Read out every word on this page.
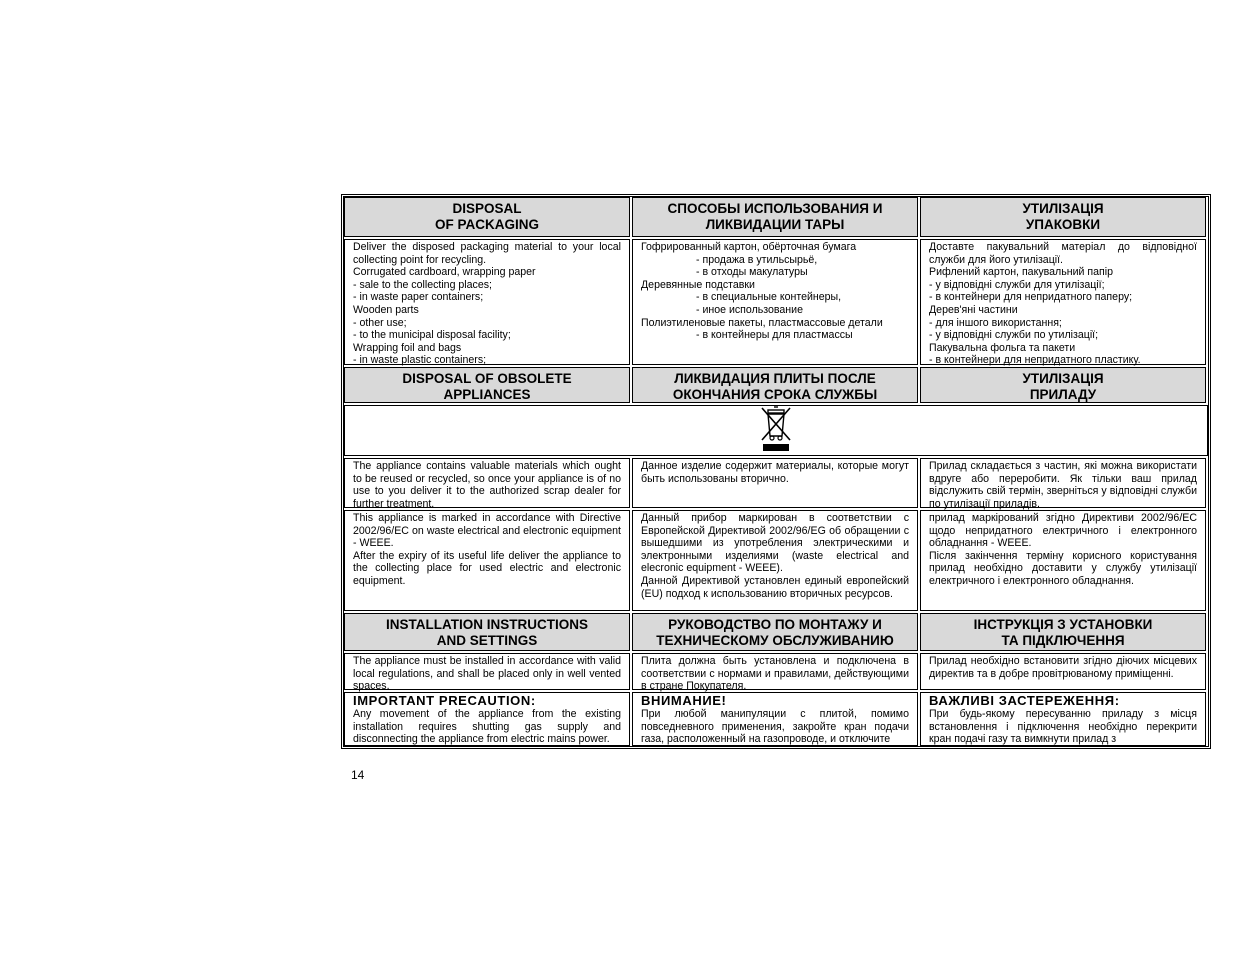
DISPOSAL
OF PACKAGING
СПОСОБЫ ИСПОЛЬЗОВАНИЯ И
ЛИКВИДАЦИИ ТАРЫ
УТИЛІЗАЦІЯ
УПАКОВКИ
Deliver the disposed packaging material to your local collecting point for recycling.
Corrugated cardboard, wrapping paper
- sale to the collecting places;
- in waste paper containers;
Wooden parts
- other use;
- to the municipal disposal facility;
Wrapping foil and bags
- in waste plastic containers;
Гофрированный картон, обёрточная бумага
- продажа в утильсырьё,
- в отходы макулатуры
Деревянные подставки
- в специальные контейнеры,
- иное использование
Полиэтиленовые пакеты, пластмассовые детали
- в контейнеры для пластмассы
Доставте пакувальний матеріал до відповідної служби для його утилізації.
Рифлений картон, пакувальний папір
- у відповідні служби для утилізації;
- в контейнери для непридатного паперу;
Дерев'яні частини
- для іншого використання;
- у відповідні служби по утилізації;
Пакувальна фольга та пакети
- в контейнери для непридатного пластику.
DISPOSAL OF OBSOLETE
APPLIANCES
ЛИКВИДАЦИЯ ПЛИТЫ ПОСЛЕ
ОКОНЧАНИЯ СРОКА СЛУЖБЫ
УТИЛІЗАЦІЯ
ПРИЛАДУ
The appliance contains valuable materials which ought to be reused or recycled, so once your appliance is of no use to you deliver it to the authorized scrap dealer for further treatment.
Данное изделие содержит материалы, которые могут быть использованы вторично.
Прилад складається з частин, які можна використати вдруге або переробити. Як тільки ваш прилад відслужить свій термін, зверніться у відповідні служби по утилізації приладів.
This appliance is marked in accordance with Directive 2002/96/EC on waste electrical and electronic equipment - WEEE.
After the expiry of its useful life deliver the appliance to the collecting place for used electric and electronic equipment.
Данный прибор маркирован в соответствии с Европейской Директивой 2002/96/EG об обращении с вышедшими из употребления электрическими и электронными изделиями (waste electrical and elecronic equipment - WEEE).
Данной Директивой установлен единый европейский (EU) подход к использованию вторичных ресурсов.
прилад маркірований згідно Директиви 2002/96/EC щодо непридатного електричного і електронного обладнання - WEEE.
Після закінчення терміну корисного користування прилад необхідно доставити у службу утилізації електричного і електронного обладнання.
INSTALLATION INSTRUCTIONS
AND SETTINGS
РУКОВОДСТВО ПО МОНТАЖУ И
ТЕХНИЧЕСКОМУ ОБСЛУЖИВАНИЮ
ІНСТРУКЦІЯ З УСТАНОВКИ
ТА ПІДКЛЮЧЕННЯ
The appliance must be installed in accordance with valid local regulations, and shall be placed only in well vented spaces.
Плита должна быть установлена и подключена в соответствии с нормами и правилами, действующими в стране Покупателя.
Прилад необхідно встановити згідно діючих місцевих директив та в добре провітрюваному приміщенні.
IMPORTANT PRECAUTION:
Any movement of the appliance from the existing installation requires shutting gas supply and disconnecting the appliance from electric mains power.
ВНИМАНИЕ!
При любой манипуляции с плитой, помимо повседневного применения, закройте кран подачи газа, расположенный на газопроводе, и отключите
ВАЖЛИВІ ЗАСТЕРЕЖЕННЯ:
При будь-якому пересуванню приладу з місця встановлення і підключення необхідно перекрити кран подачі газу та вимкнути прилад з
14
